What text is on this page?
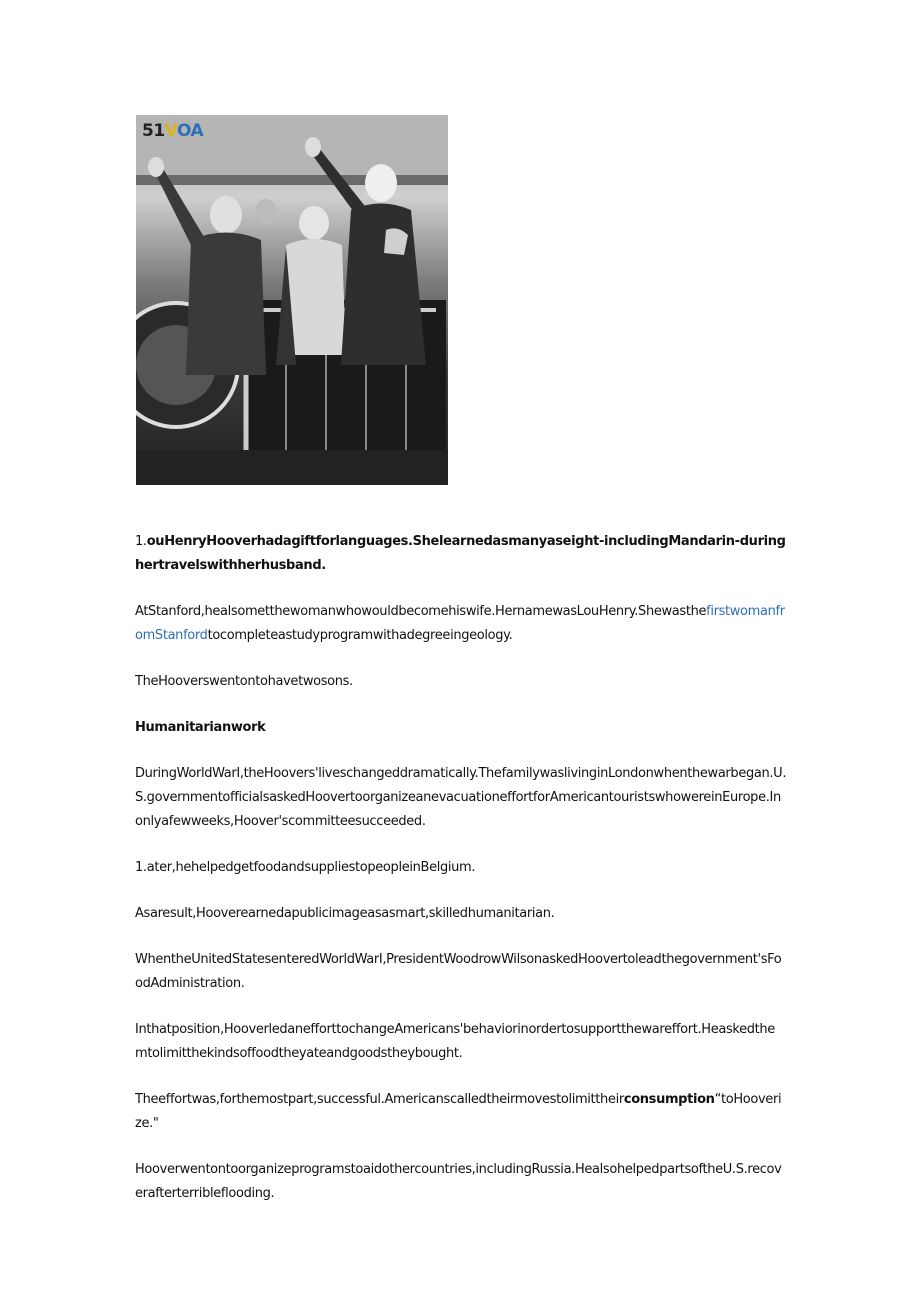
51VOA

1.ouHenryHooverhadagiftforlanguages.Shelearnedasmanyaseight-includingMandarin-duringhertravelswithherhusband.

AtStanford,healsometthewomanwhowouldbecomehiswife.HernamewasLouHenry.ShewasthefirstwomanfromStanfordtocompleteastudyprogramwithadegreeingeology.

TheHooverswentontohavetwosons.

Humanitarianwork

DuringWorldWarI,theHoovers'liveschangeddramatically.ThefamilywaslivinginLondonwhenthewarbegan.U.S.governmentofficialsaskedHoovertoorganizeanevacuationeffortforAmericantouristswhowereinEurope.Inonlyafewweeks,Hoover'scommitteesucceeded.

1.ater,hehelpedgetfoodandsuppliestopeopleinBelgium.

Asaresult,Hooverearnedapublicimageasasmart,skilledhumanitarian.

WhentheUnitedStatesenteredWorldWarI,PresidentWoodrowWilsonaskedHoovertoleadthegovernment'sFoodAdministration.

Inthatposition,HooverledanefforttochangeAmericans'behaviorinordertosupportthewareffort.Heaskedthemtolimitthekindsoffoodtheyateandgoodstheybought.

Theeffortwas,forthemostpart,successful.Americanscalledtheirmovestolimittheirconsumption“toHooverize."

Hooverwentontoorganizeprogramstoaidothercountries,includingRussia.HealsohelpedpartsoftheU.S.recoverafterterribleflooding.
